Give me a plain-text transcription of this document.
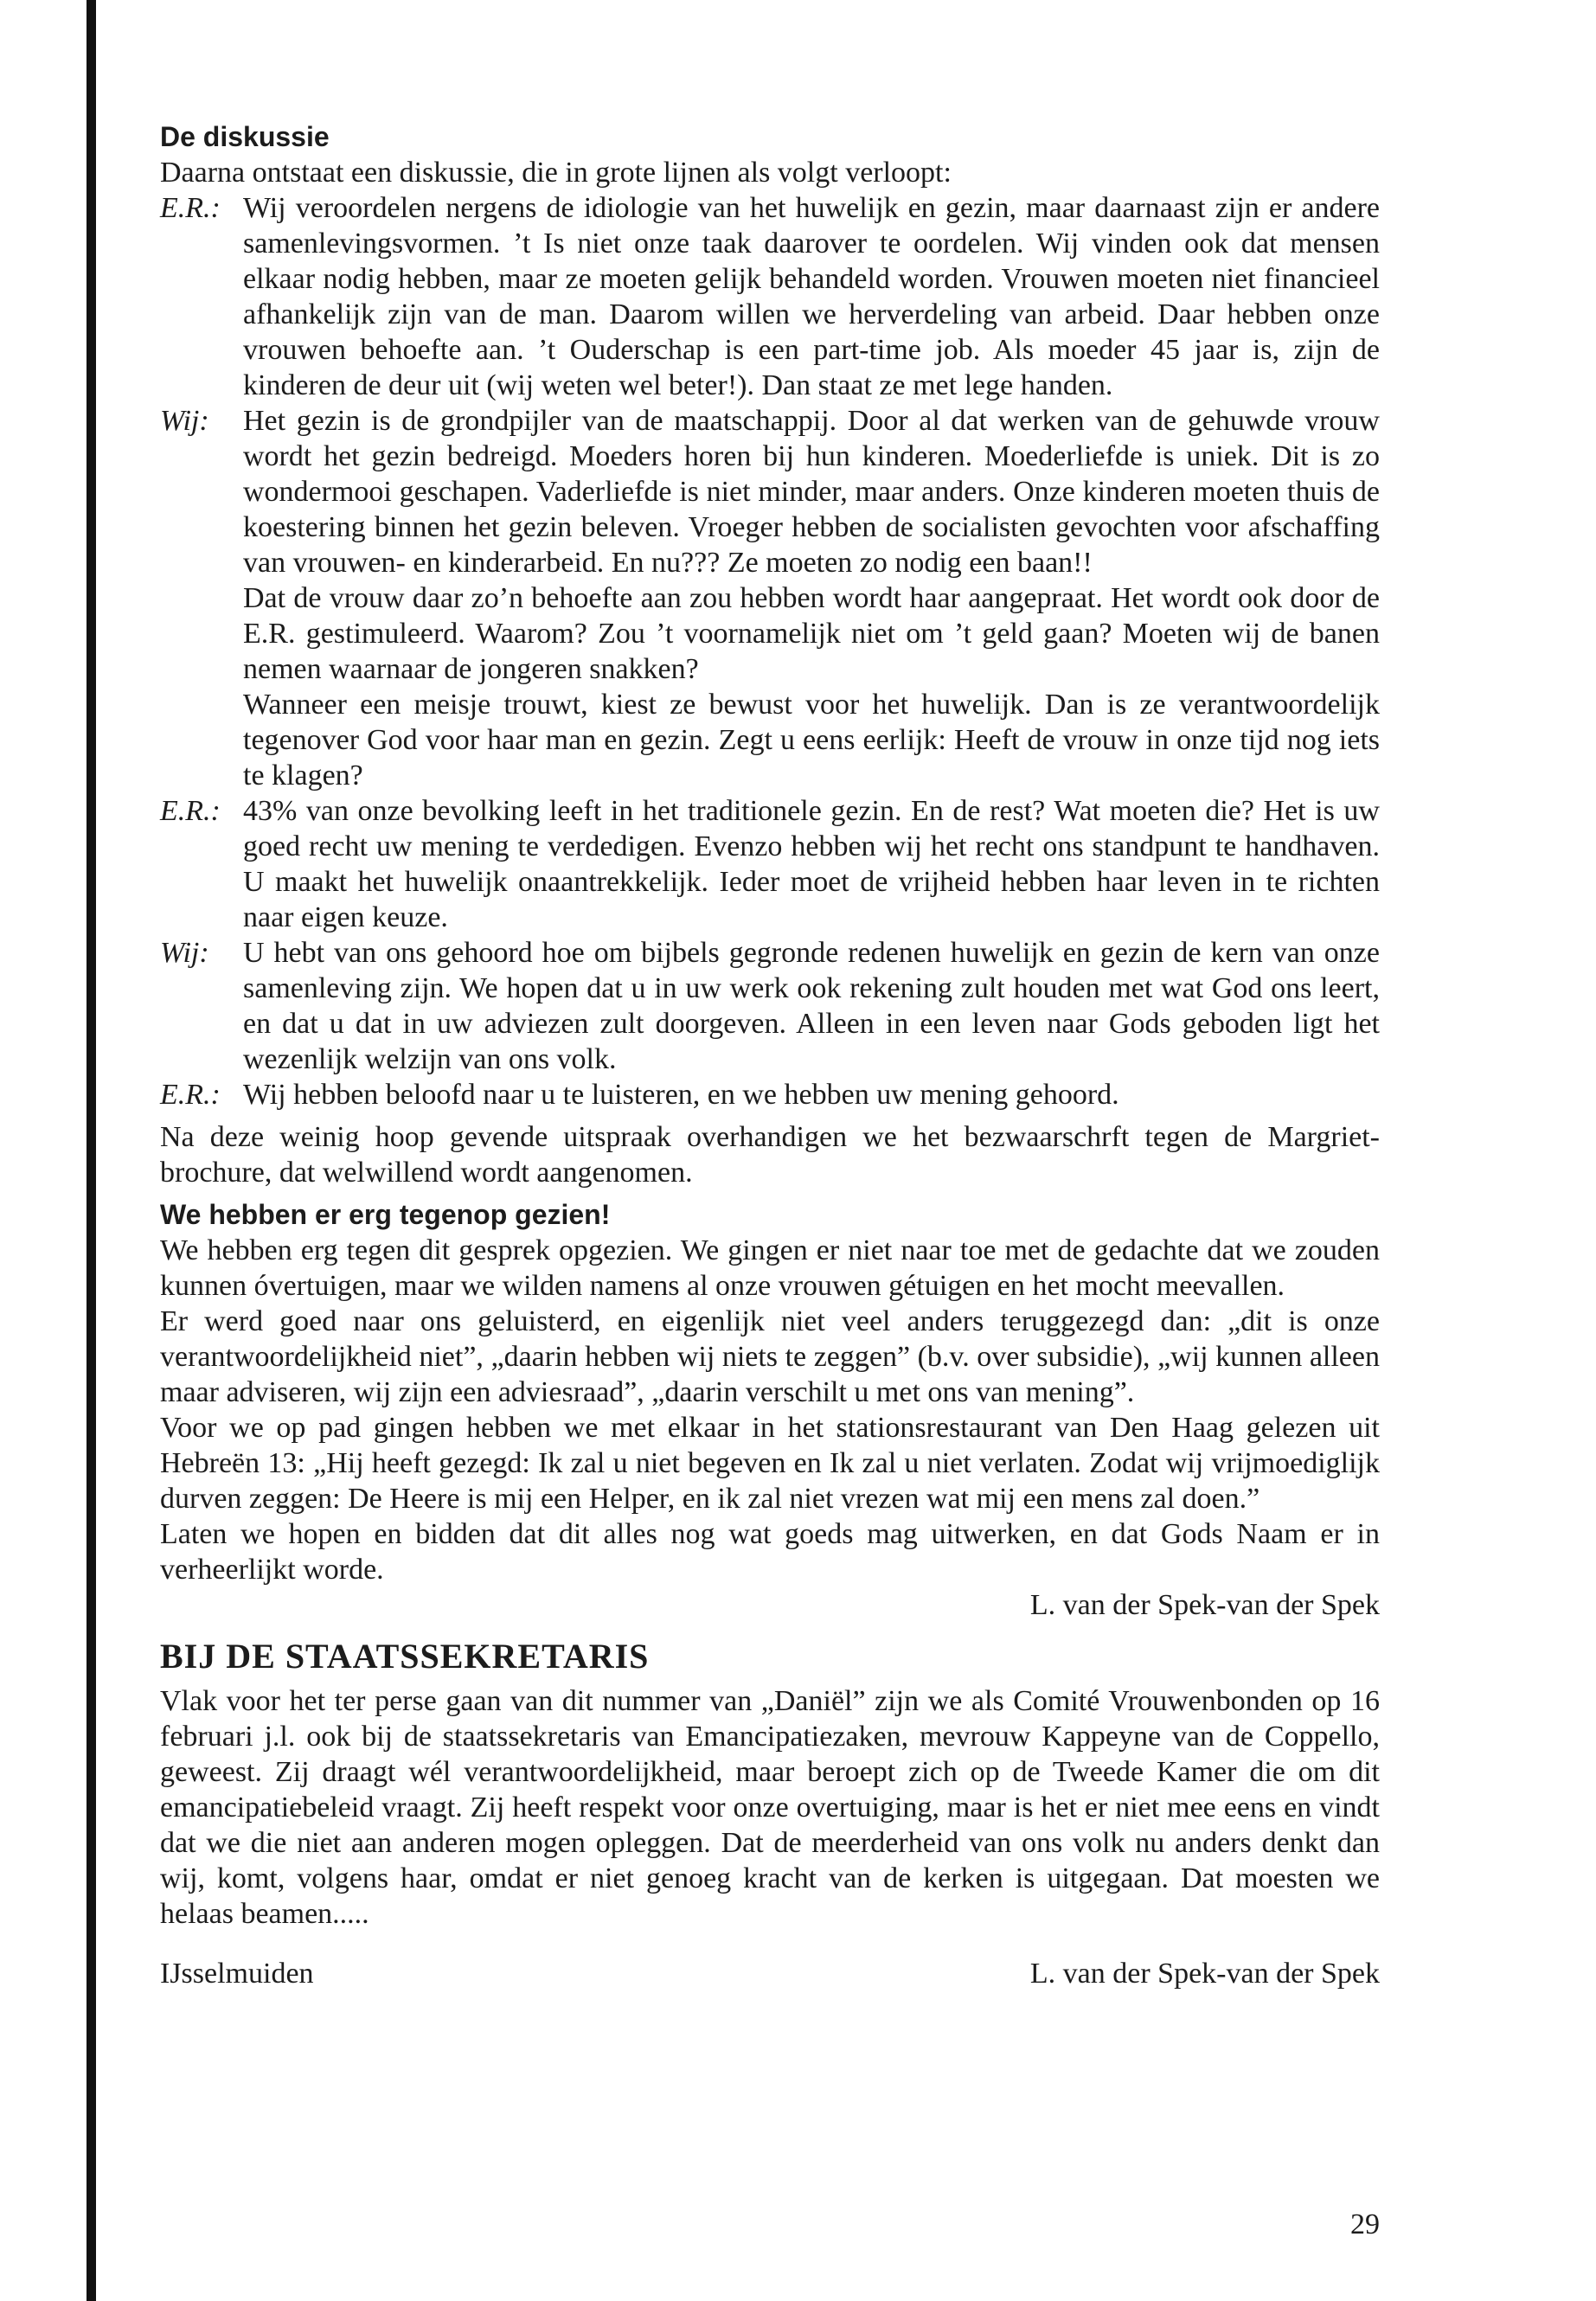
De diskussie

Daarna ontstaat een diskussie, die in grote lijnen als volgt verloopt:

E.R.: Wij veroordelen nergens de idiologie van het huwelijk en gezin, maar daarnaast zijn er andere samenlevingsvormen. ’t Is niet onze taak daarover te oordelen. Wij vinden ook dat mensen elkaar nodig hebben, maar ze moeten gelijk behandeld worden. Vrouwen moeten niet financieel afhankelijk zijn van de man. Daarom willen we herverdeling van arbeid. Daar hebben onze vrouwen behoefte aan. ’t Ouderschap is een part-time job. Als moeder 45 jaar is, zijn de kinderen de deur uit (wij weten wel beter!). Dan staat ze met lege handen.

Wij:	Het gezin is de grondpijler van de maatschappij. Door al dat werken van de gehuwde vrouw wordt het gezin bedreigd. Moeders horen bij hun kinderen. Moederliefde is uniek. Dit is zo wondermooi geschapen. Vaderliefde is niet minder, maar anders. Onze kinderen moeten thuis de koestering binnen het gezin beleven. Vroeger hebben de socialisten gevochten voor afschaffing van vrouwen- en kinderarbeid. En nu??? Ze moeten zo nodig een baan!!

Dat de vrouw daar zo’n behoefte aan zou hebben wordt haar aangepraat. Het wordt ook door de E.R. gestimuleerd. Waarom? Zou ’t voornamelijk niet om ’t geld gaan? Moeten wij de banen nemen waarnaar de jongeren snakken?

Wanneer een meisje trouwt, kiest ze bewust voor het huwelijk. Dan is ze verantwoordelijk tegenover God voor haar man en gezin. Zegt u eens eerlijk: Heeft de vrouw in onze tijd nog iets te klagen?

E.R.: 43% van onze bevolking leeft in het traditionele gezin. En de rest? Wat moeten die? Het is uw goed recht uw mening te verdedigen. Evenzo hebben wij het recht ons standpunt te handhaven. U maakt het huwelijk onaantrekkelijk. Ieder moet de vrijheid hebben haar leven in te richten naar eigen keuze.

Wij:	U hebt van ons gehoord hoe om bijbels gegronde redenen huwelijk en gezin de kern van onze samenleving zijn. We hopen dat u in uw werk ook rekening zult houden met wat God ons leert, en dat u dat in uw adviezen zult doorgeven. Alleen in een leven naar Gods geboden ligt het wezenlijk welzijn van ons volk.

E.R.: Wij hebben beloofd naar u te luisteren, en we hebben uw mening gehoord.

Na deze weinig hoop gevende uitspraak overhandigen we het bezwaarschrft tegen de Margriet-brochure, dat welwillend wordt aangenomen.

We hebben er erg tegenop gezien!

We hebben erg tegen dit gesprek opgezien. We gingen er niet naar toe met de gedachte dat we zouden kunnen óvertuigen, maar we wilden namens al onze vrouwen gétuigen en het mocht meevallen.

Er werd goed naar ons geluisterd, en eigenlijk niet veel anders teruggezegd dan: „dit is onze verantwoordelijkheid niet”, „daarin hebben wij niets te zeggen” (b.v. over subsidie), „wij kunnen alleen maar adviseren, wij zijn een adviesraad”, „daarin verschilt u met ons van mening”.

Voor we op pad gingen hebben we met elkaar in het stationsrestaurant van Den Haag gelezen uit Hebreën 13: „Hij heeft gezegd: Ik zal u niet begeven en Ik zal u niet verlaten. Zodat wij vrijmoediglijk durven zeggen: De Heere is mij een Helper, en ik zal niet vrezen wat mij een mens zal doen.”

Laten we hopen en bidden dat dit alles nog wat goeds mag uitwerken, en dat Gods Naam er in verheerlijkt worde.

L. van der Spek-van der Spek

BIJ DE STAATSSEKRETARIS

Vlak voor het ter perse gaan van dit nummer van „Daniël” zijn we als Comité Vrouwenbonden op 16 februari j.l. ook bij de staatssekretaris van Emancipatiezaken, mevrouw Kappeyne van de Coppello, geweest. Zij draagt wél verantwoordelijkheid, maar beroept zich op de Tweede Kamer die om dit emancipatiebeleid vraagt. Zij heeft respekt voor onze overtuiging, maar is het er niet mee eens en vindt dat we die niet aan anderen mogen opleggen. Dat de meerderheid van ons volk nu anders denkt dan wij, komt, volgens haar, omdat er niet genoeg kracht van de kerken is uitgegaan. Dat moesten we helaas beamen.....

IJsselmuiden	L. van der Spek-van der Spek
29
